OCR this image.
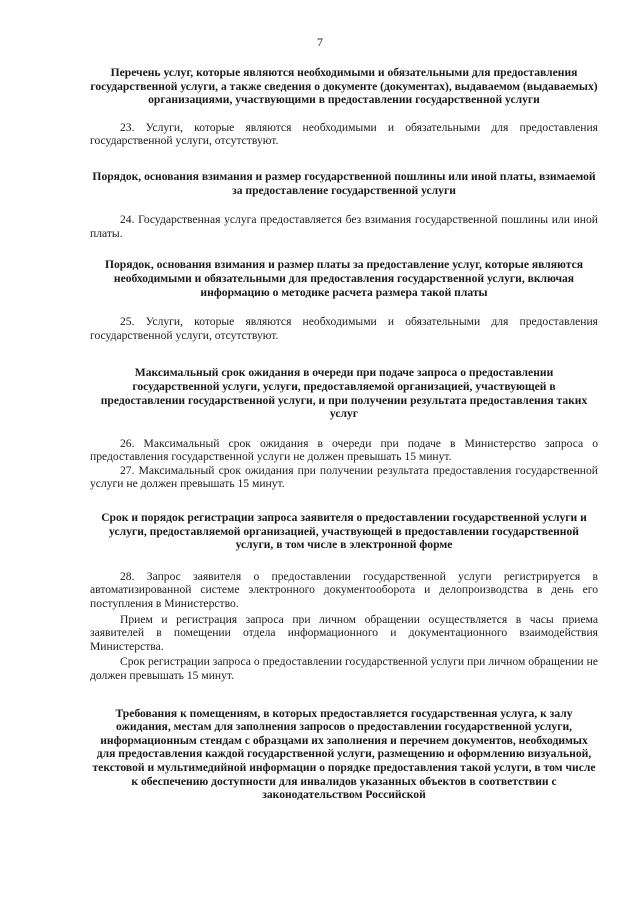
7

Перечень услуг, которые являются необходимыми и обязательными для предоставления государственной услуги, а также сведения о документе (документах), выдаваемом (выдаваемых) организациями, участвующими в предоставлении государственной услуги

23. Услуги, которые являются необходимыми и обязательными для предоставления государственной услуги, отсутствуют.

Порядок, основания взимания и размер государственной пошлины или иной платы, взимаемой за предоставление государственной услуги

24. Государственная услуга предоставляется без взимания государственной пошлины или иной платы.

Порядок, основания взимания и размер платы за предоставление услуг, которые являются необходимыми и обязательными для предоставления государственной услуги, включая информацию о методике расчета размера такой платы

25. Услуги, которые являются необходимыми и обязательными для предоставления государственной услуги, отсутствуют.

Максимальный срок ожидания в очереди при подаче запроса о предоставлении государственной услуги, услуги, предоставляемой организацией, участвующей в предоставлении государственной услуги, и при получении результата предоставления таких услуг

26. Максимальный срок ожидания в очереди при подаче в Министерство запроса о предоставления государственной услуги не должен превышать 15 минут.

27. Максимальный срок ожидания при получении результата предоставления государственной услуги не должен превышать 15 минут.

Срок и порядок регистрации запроса заявителя о предоставлении государственной услуги и услуги, предоставляемой организацией, участвующей в предоставлении государственной услуги, в том числе в электронной форме

28. Запрос заявителя о предоставлении государственной услуги регистрируется в автоматизированной системе электронного документооборота и делопроизводства в день его поступления в Министерство.

Прием и регистрация запроса при личном обращении осуществляется в часы приема заявителей в помещении отдела информационного и документационного взаимодействия Министерства.

Срок регистрации запроса о предоставлении государственной услуги при личном обращении не должен превышать 15 минут.

Требования к помещениям, в которых предоставляется государственная услуга, к залу ожидания, местам для заполнения запросов о предоставлении государственной услуги, информационным стендам с образцами их заполнения и перечнем документов, необходимых для предоставления каждой государственной услуги, размещению и оформлению визуальной, текстовой и мультимедийной информации о порядке предоставления такой услуги, в том числе к обеспечению доступности для инвалидов указанных объектов в соответствии с законодательством Российской
